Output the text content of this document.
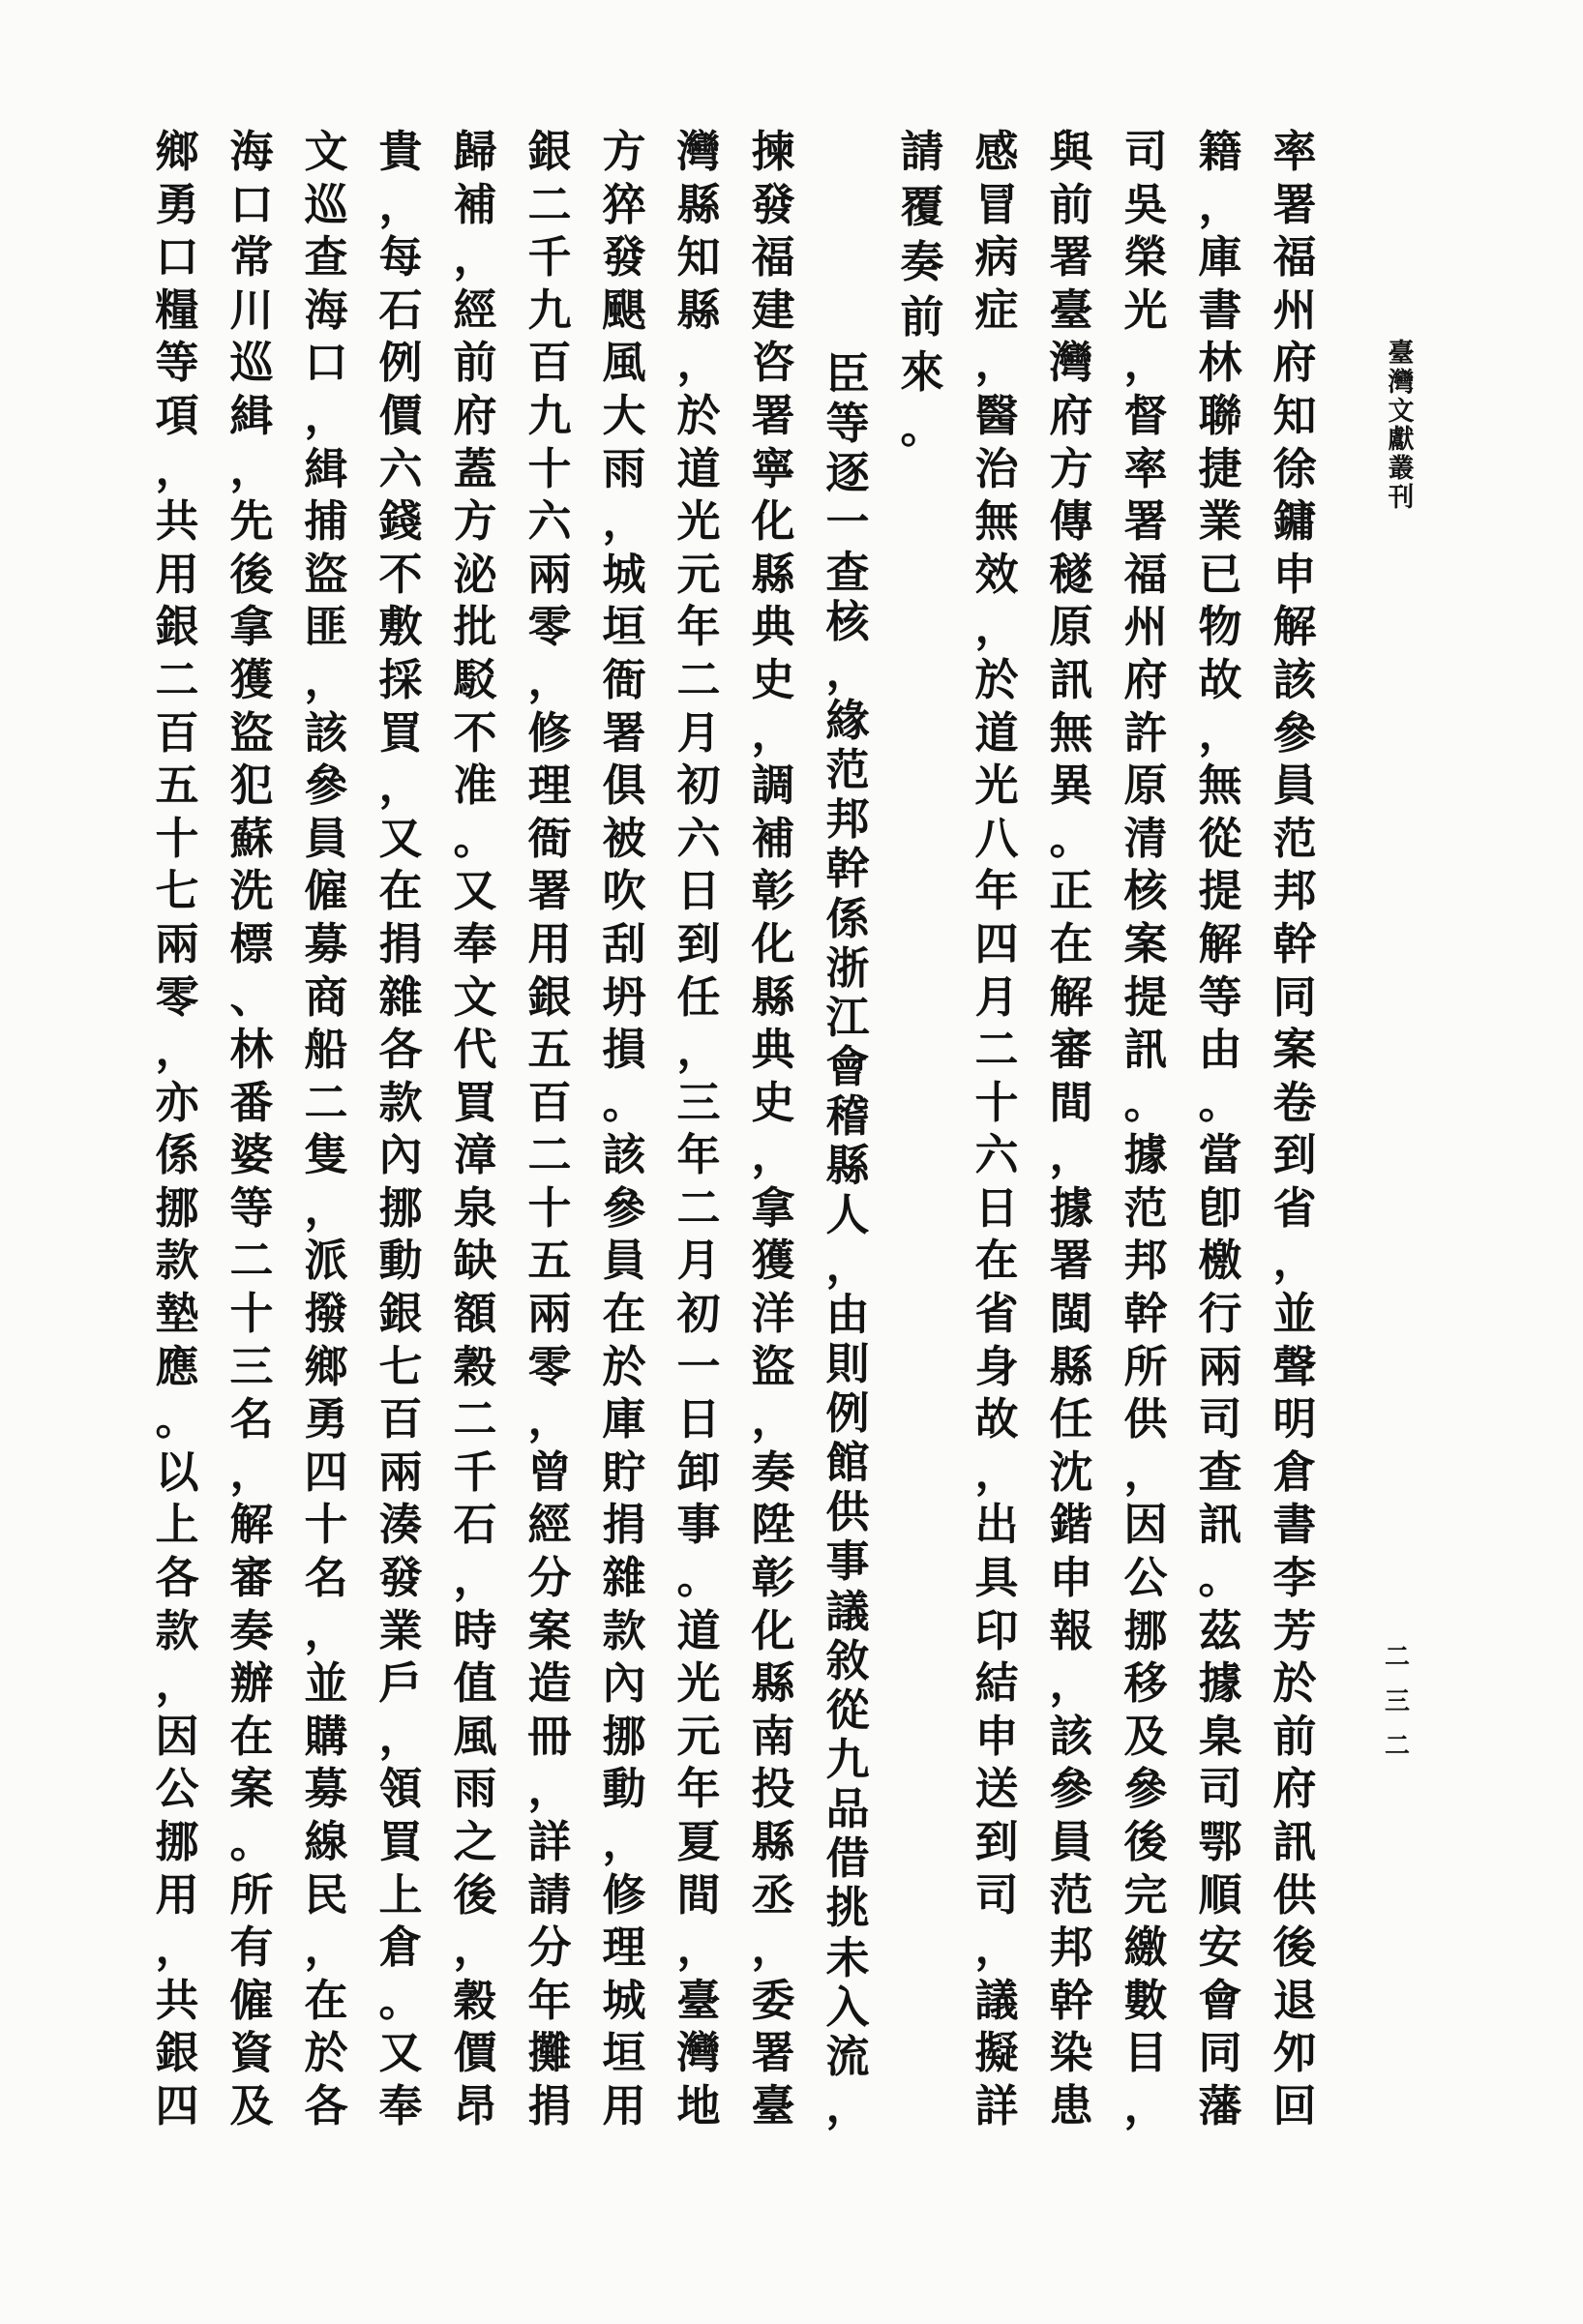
臺
灣
文
獻
叢
刊
二
三
二
率
署
福
州
府
知
徐
鏞
申
解
該
參
員
范
邦
幹
同
案
卷
到
省
，
並
聲
明
倉
書
李
芳
於
前
府
訊
供
後
退
夘
回
籍
，
庫
書
林
聯
捷
業
已
物
故
，
無
從
提
解
等
由
。
當
卽
檄
行
兩
司
查
訊
。
茲
據
臬
司
鄂
順
安
會
同
藩
司
吳
榮
光
，
督
率
署
福
州
府
許
原
清
核
案
提
訊
。
據
范
邦
幹
所
供
，
因
公
挪
移
及
參
後
完
繳
數
目
，
與
前
署
臺
灣
府
方
傳
穟
原
訊
無
異
。
正
在
解
審
間
，
據
署
閩
縣
任
沈
鍇
申
報
，
該
參
員
范
邦
幹
染
患
感
冒
病
症
，
醫
治
無
效
，
於
道
光
八
年
四
月
二
十
六
日
在
省
身
故
，
出
具
印
結
申
送
到
司
，
議
擬
詳
請
覆
奏
前
來
。
臣
等
逐
一
查
核
，
緣
范
邦
幹
係
浙
江
會
稽
縣
人
，
由
則
例
館
供
事
議
敘
從
九
品
借
挑
未
入
流
，
揀
發
福
建
咨
署
寧
化
縣
典
史
，
調
補
彰
化
縣
典
史
，
拿
獲
洋
盜
，
奏
陞
彰
化
縣
南
投
縣
丞
，
委
署
臺
灣
縣
知
縣
，
於
道
光
元
年
二
月
初
六
日
到
任
，
三
年
二
月
初
一
日
卸
事
。
道
光
元
年
夏
間
，
臺
灣
地
方
猝
發
颶
風
大
雨
，
城
垣
衙
署
俱
被
吹
刮
坍
損
。
該
參
員
在
於
庫
貯
捐
雜
款
內
挪
動
，
修
理
城
垣
用
銀
二
千
九
百
九
十
六
兩
零
，
修
理
衙
署
用
銀
五
百
二
十
五
兩
零
，
曾
經
分
案
造
冊
，
詳
請
分
年
攤
捐
歸
補
，
經
前
府
蓋
方
泌
批
駁
不
准
。
又
奉
文
代
買
漳
泉
缺
額
穀
二
千
石
，
時
值
風
雨
之
後
，
穀
價
昂
貴
，
每
石
例
價
六
錢
不
敷
採
買
，
又
在
捐
雜
各
款
內
挪
動
銀
七
百
兩
湊
發
業
戶
，
領
買
上
倉
。
又
奉
文
巡
查
海
口
，
緝
捕
盜
匪
，
該
參
員
僱
募
商
船
二
隻
，
派
撥
鄉
勇
四
十
名
，
並
購
募
線
民
，
在
於
各
海
口
常
川
巡
緝
，
先
後
拿
獲
盜
犯
蘇
洗
標
、
林
番
婆
等
二
十
三
名
，
解
審
奏
辦
在
案
。
所
有
僱
資
及
鄉
勇
口
糧
等
項
，
共
用
銀
二
百
五
十
七
兩
零
，
亦
係
挪
款
墊
應
。
以
上
各
款
，
因
公
挪
用
，
共
銀
四
